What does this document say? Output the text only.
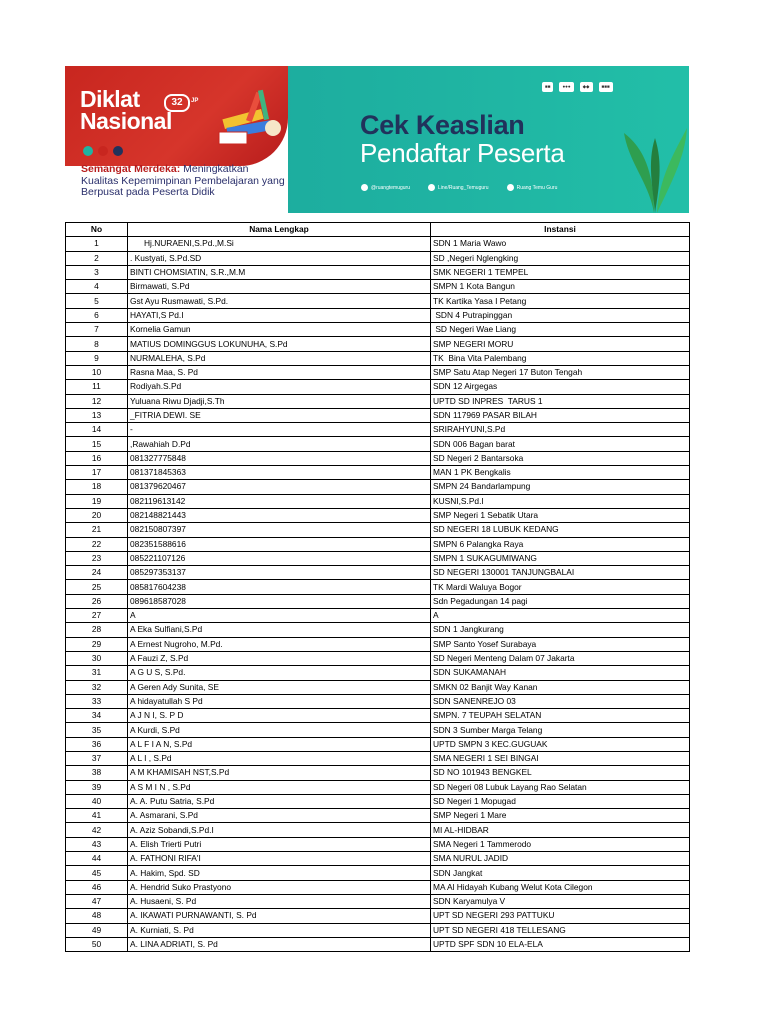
Diklat
Nasional
32	JP
Semangat Merdeka: Meningkatkan Kualitas Kepemimpinan Pembelajaran yang Berpusat pada Peserta Didik
■■	●●●	◆◆	■■■
Cek Keaslian
Pendaftar Peserta
@ruangtemuguru	Line/Ruang_Temuguru	Ruang Temu Guru
No	Nama Lengkap	Instansi
1	Hj.NURAENI,S.Pd.,M.Si	SDN 1 Maria Wawo
2	. Kustyati, S.Pd.SD	SD ,Negeri Nglengking
3	BINTI CHOMSIATIN, S.R.,M.M	SMK NEGERI 1 TEMPEL
4	Birmawati, S.Pd	SMPN 1 Kota Bangun
5	Gst Ayu Rusmawati, S.Pd.	TK Kartika Yasa I Petang
6	HAYATI,S Pd.I	SDN 4 Putrapinggan
7	Kornelia Gamun	SD Negeri Wae Liang
8	MATIUS DOMINGGUS LOKUNUHA, S.Pd	SMP NEGERI MORU
9	NURMALEHA, S.Pd	TK  Bina Vita Palembang
10	Rasna Maa, S. Pd	SMP Satu Atap Negeri 17 Buton Tengah
11	Rodiyah.S.Pd	SDN 12 Airgegas
12	Yuluana Riwu Djadji,S.Th	UPTD SD INPRES  TARUS 1
13	_FITRIA DEWI. SE	SDN 117969 PASAR BILAH
14	-	SRIRAHYUNI,S.Pd
15	,Rawahiah D.Pd	SDN 006 Bagan barat
16	081327775848	SD Negeri 2 Bantarsoka
17	081371845363	MAN 1 PK Bengkalis
18	081379620467	SMPN 24 Bandarlampung
19	082119613142	KUSNI,S.Pd.I
20	082148821443	SMP Negeri 1 Sebatik Utara
21	082150807397	SD NEGERI 18 LUBUK KEDANG
22	082351588616	SMPN 6 Palangka Raya
23	085221107126	SMPN 1 SUKAGUMIWANG
24	085297353137	SD NEGERI 130001 TANJUNGBALAI
25	085817604238	TK Mardi Waluya Bogor
26	089618587028	Sdn Pegadungan 14 pagi
27	A	A
28	A Eka Sulfiani,S.Pd	SDN 1 Jangkurang
29	A Ernest Nugroho, M.Pd.	SMP Santo Yosef Surabaya
30	A Fauzi Z, S.Pd	SD Negeri Menteng Dalam 07 Jakarta
31	A G U S, S.Pd.	SDN SUKAMANAH
32	A Geren Ady Sunita, SE	SMKN 02 Banjit Way Kanan
33	A hidayatullah S Pd	SDN SANENREJO 03
34	A J N I, S. P D	SMPN. 7 TEUPAH SELATAN
35	A Kurdi, S.Pd	SDN 3 Sumber Marga Telang
36	A L F I A N, S.Pd	UPTD SMPN 3 KEC.GUGUAK
37	A L I , S.Pd	SMA NEGERI 1 SEI BINGAI
38	A M KHAMISAH NST,S.Pd	SD NO 101943 BENGKEL
39	A S M I N , S.Pd	SD Negeri 08 Lubuk Layang Rao Selatan
40	A. A. Putu Satria, S.Pd	SD Negeri 1 Mopugad
41	A. Asmarani, S.Pd	SMP Negeri 1 Mare
42	A. Aziz Sobandi,S.Pd.I	MI AL-HIDBAR
43	A. Elish Trierti Putri	SMA Negeri 1 Tammerodo
44	A. FATHONI RIFA'I	SMA NURUL JADID
45	A. Hakim, Spd. SD	SDN Jangkat
46	A. Hendrid Suko Prastyono	MA Al Hidayah Kubang Welut Kota Cilegon
47	A. Husaeni, S. Pd	SDN Karyamulya V
48	A. IKAWATI PURNAWANTI, S. Pd	UPT SD NEGERI 293 PATTUKU
49	A. Kurniati, S. Pd	UPT SD NEGERI 418 TELLESANG
50	A. LINA ADRIATI, S. Pd	UPTD SPF SDN 10 ELA-ELA
